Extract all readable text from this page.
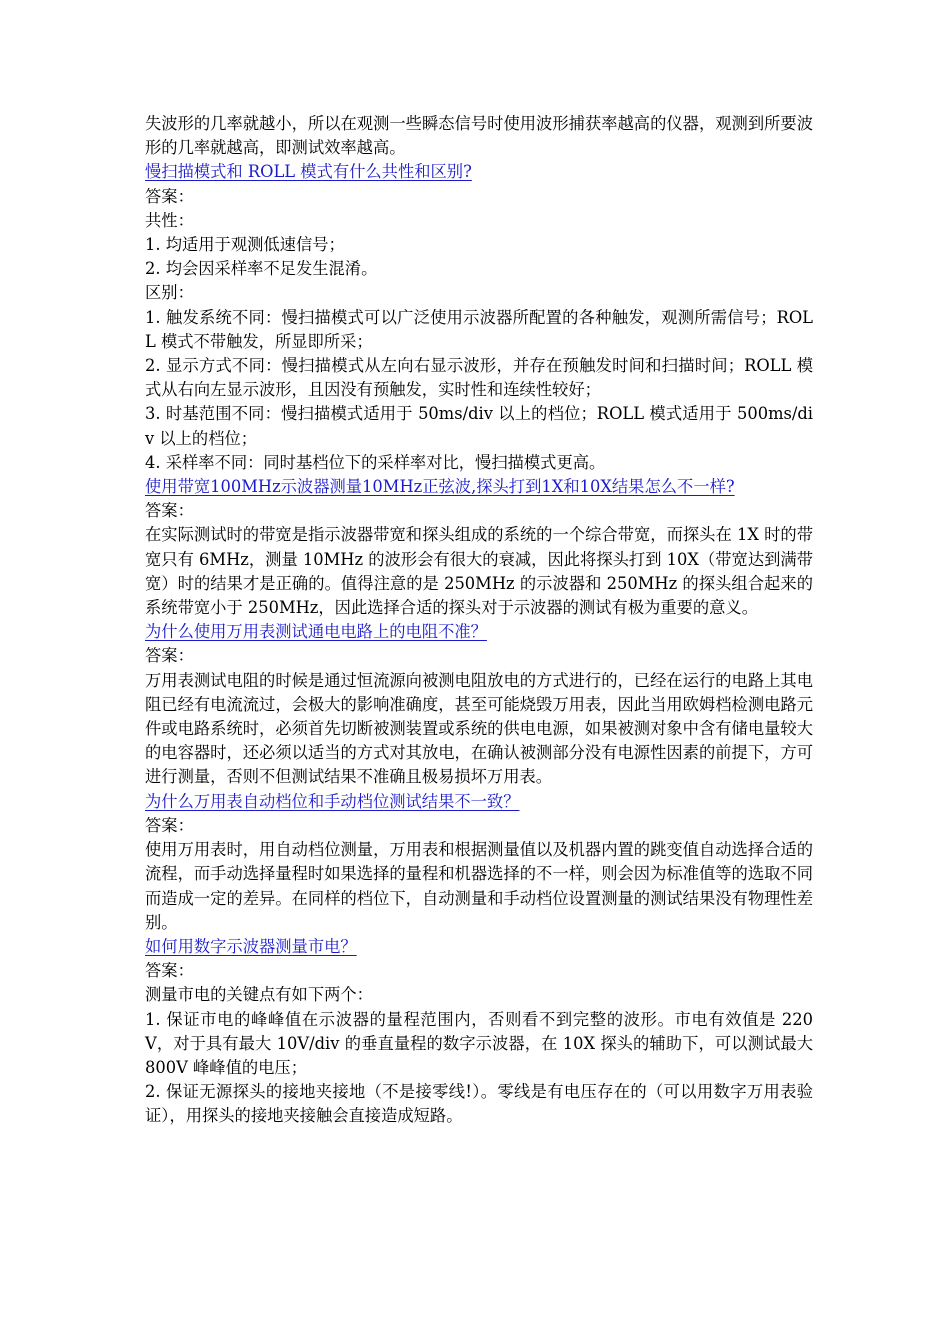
失波形的几率就越小，所以在观测一些瞬态信号时使用波形捕获率越高的仪器，观测到所要波形的几率就越高，即测试效率越高。

慢扫描模式和 ROLL 模式有什么共性和区别?

答案：

共性：

1. 均适用于观测低速信号；

2. 均会因采样率不足发生混淆。

区别：

1. 触发系统不同：慢扫描模式可以广泛使用示波器所配置的各种触发，观测所需信号；ROLL 模式不带触发，所显即所采；

2. 显示方式不同：慢扫描模式从左向右显示波形，并存在预触发时间和扫描时间；ROLL 模式从右向左显示波形，且因没有预触发，实时性和连续性较好；

3. 时基范围不同：慢扫描模式适用于 50ms/div 以上的档位；ROLL 模式适用于 500ms/div 以上的档位；

4. 采样率不同：同时基档位下的采样率对比，慢扫描模式更高。

使用带宽100MHz示波器测量10MHz正弦波,探头打到1X和10X结果怎么不一样?

答案：

在实际测试时的带宽是指示波器带宽和探头组成的系统的一个综合带宽，而探头在 1X 时的带宽只有 6MHz，测量 10MHz 的波形会有很大的衰减，因此将探头打到 10X（带宽达到满带宽）时的结果才是正确的。值得注意的是 250MHz 的示波器和 250MHz 的探头组合起来的系统带宽小于 250MHz，因此选择合适的探头对于示波器的测试有极为重要的意义。

为什么使用万用表测试通电电路上的电阻不准？

答案：

万用表测试电阻的时候是通过恒流源向被测电阻放电的方式进行的，已经在运行的电路上其电阻已经有电流流过，会极大的影响准确度，甚至可能烧毁万用表，因此当用欧姆档检测电路元件或电路系统时，必须首先切断被测装置或系统的供电电源，如果被测对象中含有储电量较大的电容器时，还必须以适当的方式对其放电，在确认被测部分没有电源性因素的前提下，方可进行测量，否则不但测试结果不准确且极易损坏万用表。

为什么万用表自动档位和手动档位测试结果不一致？

答案：

使用万用表时，用自动档位测量，万用表和根据测量值以及机器内置的跳变值自动选择合适的流程，而手动选择量程时如果选择的量程和机器选择的不一样，则会因为标准值等的选取不同而造成一定的差异。在同样的档位下，自动测量和手动档位设置测量的测试结果没有物理性差别。

如何用数字示波器测量市电？

答案：

测量市电的关键点有如下两个：

1. 保证市电的峰峰值在示波器的量程范围内，否则看不到完整的波形。市电有效值是 220V，对于具有最大 10V/div 的垂直量程的数字示波器，在 10X 探头的辅助下，可以测试最大 800V 峰峰值的电压；

2. 保证无源探头的接地夹接地（不是接零线!）。零线是有电压存在的（可以用数字万用表验证），用探头的接地夹接触会直接造成短路。
